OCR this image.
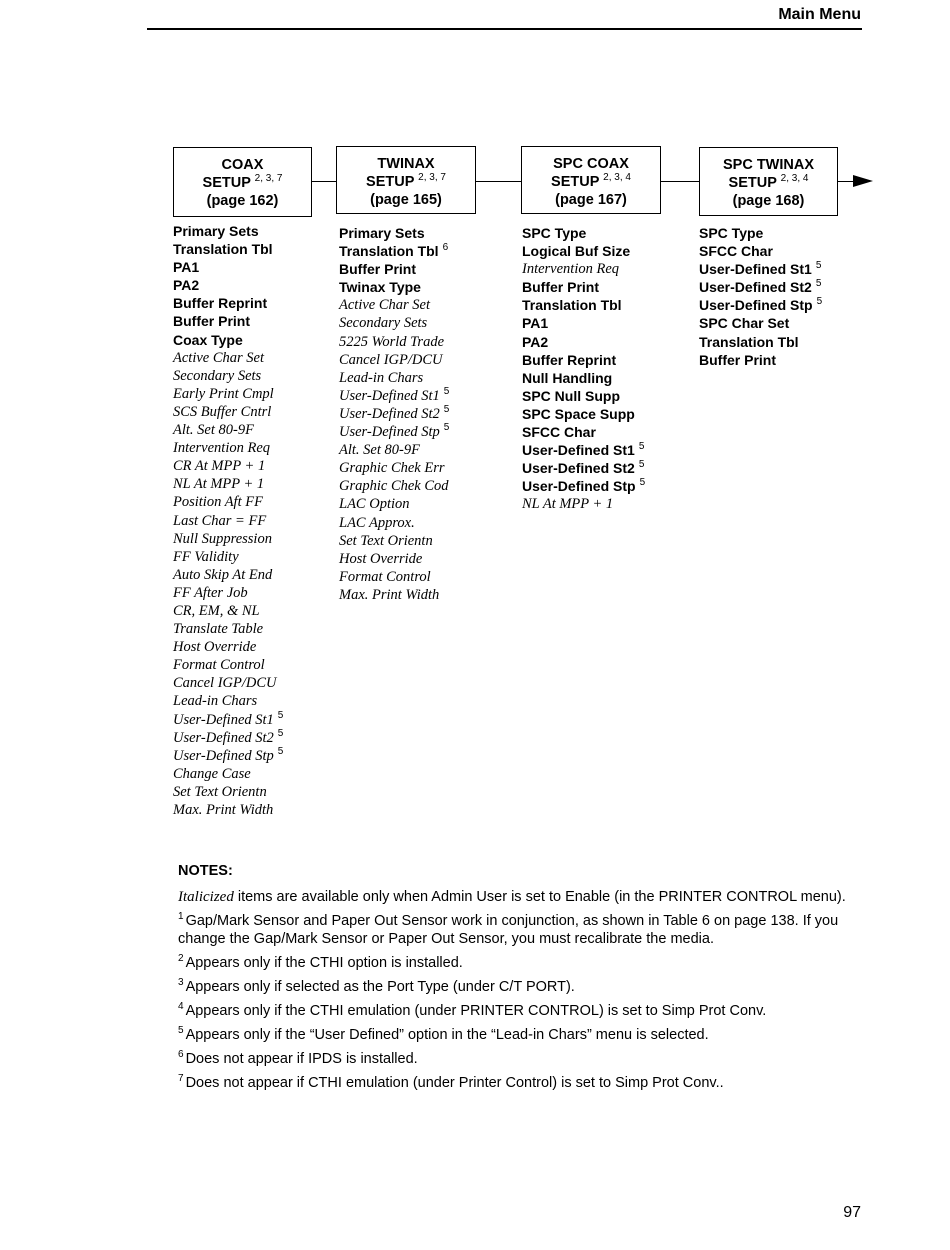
Main Menu
COAX
SETUP $^{2, 3, 7}$
(page 162)
TWINAX
SETUP $^{2, 3, 7}$
(page 165)
SPC COAX
SETUP $^{2, 3, 4}$
(page 167)
SPC TWINAX
SETUP $^{2, 3, 4}$
(page 168)
Primary Sets
Translation Tbl
PA1
PA2
Buffer Reprint
Buffer Print
Coax Type
Active Char Set
Secondary Sets
Early Print Cmpl
SCS Buffer Cntrl
Alt. Set 80-9F
Intervention Req
CR At MPP + 1
NL At MPP + 1
Position Aft FF
Last Char = FF
Null Suppression
FF Validity
Auto Skip At End
FF After Job
CR, EM, & NL
Translate Table
Host Override
Format Control
Cancel IGP/DCU
Lead-in Chars
User-Defined St1 $^5$
User-Defined St2 $^5$
User-Defined Stp $^5$
Change Case
Set Text Orientn
Max. Print Width
Primary Sets
Translation Tbl $^6$
Buffer Print
Twinax Type
Active Char Set
Secondary Sets
5225 World Trade
Cancel IGP/DCU
Lead-in Chars
User-Defined St1 $^5$
User-Defined St2 $^5$
User-Defined Stp $^5$
Alt. Set 80-9F
Graphic Chek Err
Graphic Chek Cod
LAC Option
LAC Approx.
Set Text Orientn
Host Override
Format Control
Max. Print Width
SPC Type
Logical Buf Size
Intervention Req
Buffer Print
Translation Tbl
PA1
PA2
Buffer Reprint
Null Handling
SPC Null Supp
SPC Space Supp
SFCC Char
User-Defined St1 $^5$
User-Defined St2 $^5$
User-Defined Stp $^5$
NL At MPP + 1
SPC Type
SFCC Char
User-Defined St1 $^5$
User-Defined St2 $^5$
User-Defined Stp $^5$
SPC Char Set
Translation Tbl
Buffer Print
NOTES:
Italicized items are available only when Admin User is set to Enable (in the PRINTER CONTROL menu).
$^1$ Gap/Mark Sensor and Paper Out Sensor work in conjunction, as shown in Table 6 on page 138. If you change the Gap/Mark Sensor or Paper Out Sensor, you must recalibrate the media.
$^2$ Appears only if the CTHI option is installed.
$^3$ Appears only if selected as the Port Type (under C/T PORT).
$^4$ Appears only if the CTHI emulation (under PRINTER CONTROL) is set to Simp Prot Conv.
$^5$ Appears only if the “User Defined” option in the “Lead-in Chars” menu is selected.
$^6$ Does not appear if IPDS is installed.
$^7$ Does not appear if CTHI emulation (under Printer Control) is set to Simp Prot Conv..
97
